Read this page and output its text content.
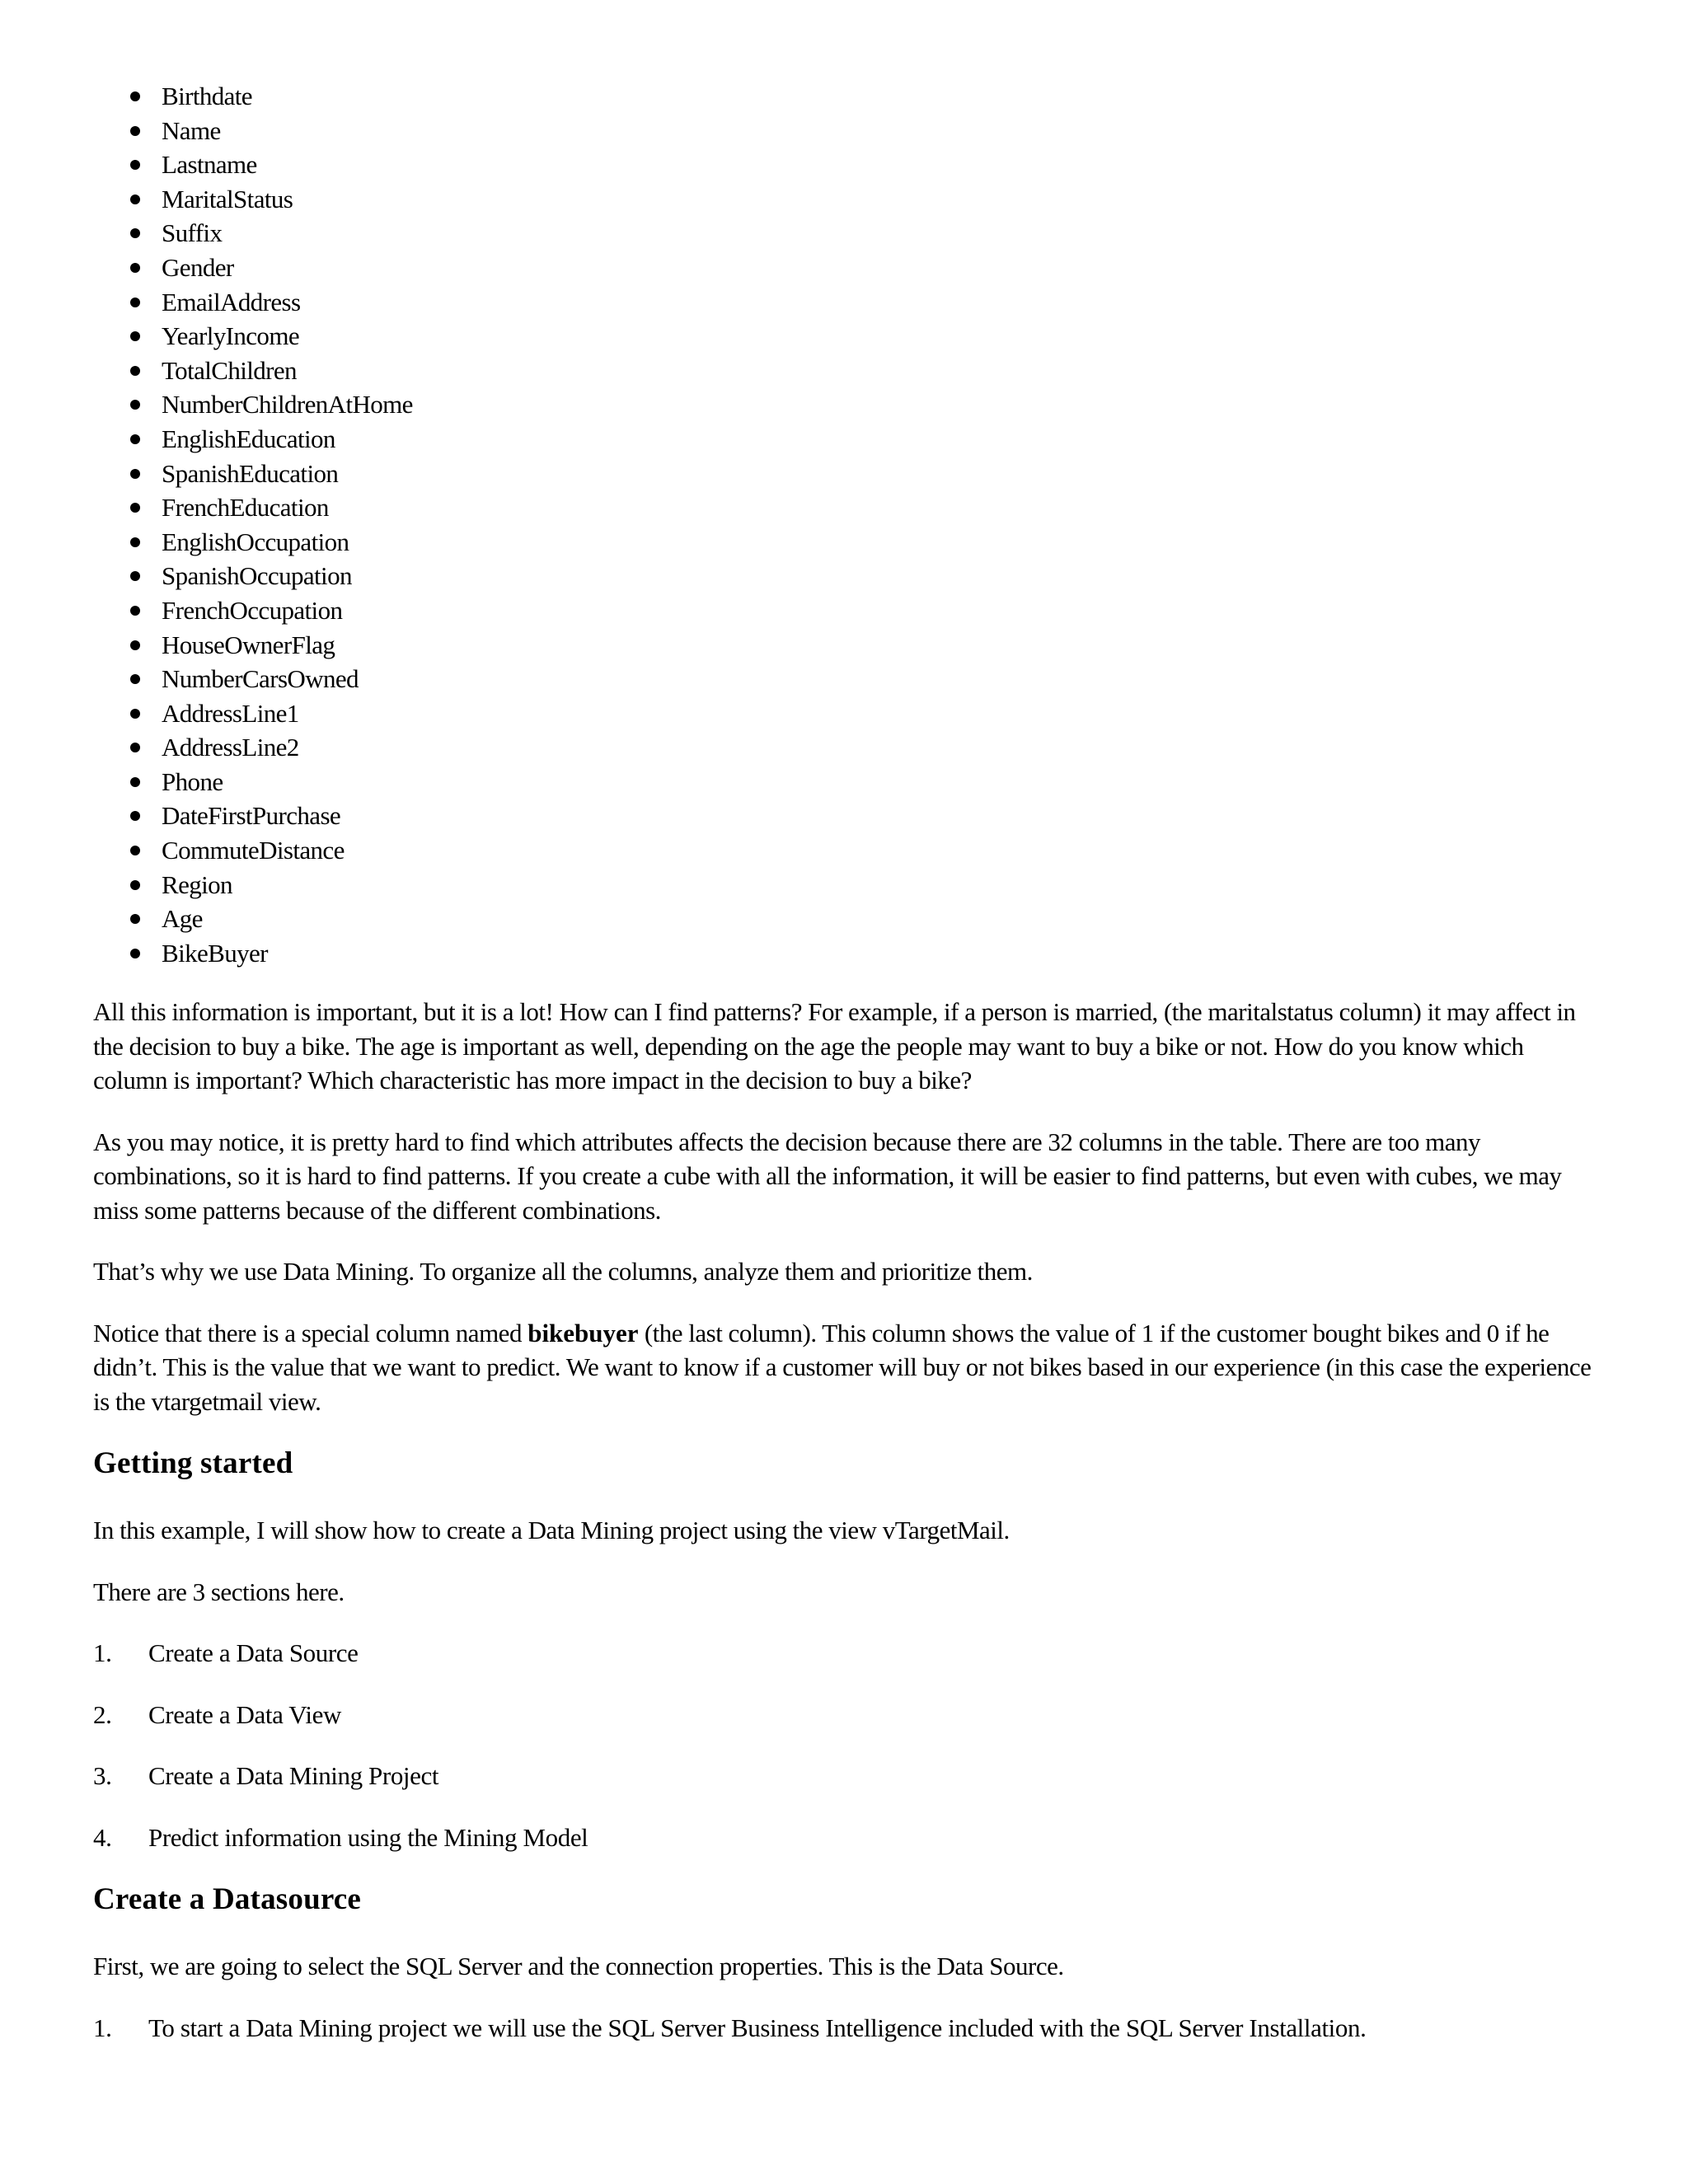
Birthdate
Name
Lastname
MaritalStatus
Suffix
Gender
EmailAddress
YearlyIncome
TotalChildren
NumberChildrenAtHome
EnglishEducation
SpanishEducation
FrenchEducation
EnglishOccupation
SpanishOccupation
FrenchOccupation
HouseOwnerFlag
NumberCarsOwned
AddressLine1
AddressLine2
Phone
DateFirstPurchase
CommuteDistance
Region
Age
BikeBuyer

All this information is important, but it is a lot! How can I find patterns? For example, if a person is married, (the maritalstatus column) it may affect in the decision to buy a bike. The age is important as well, depending on the age the people may want to buy a bike or not. How do you know which column is important? Which characteristic has more impact in the decision to buy a bike?

As you may notice, it is pretty hard to find which attributes affects the decision because there are 32 columns in the table. There are too many combinations, so it is hard to find patterns. If you create a cube with all the information, it will be easier to find patterns, but even with cubes, we may miss some patterns because of the different combinations.

That’s why we use Data Mining. To organize all the columns, analyze them and prioritize them.

Notice that there is a special column named bikebuyer (the last column). This column shows the value of 1 if the customer bought bikes and 0 if he didn’t. This is the value that we want to predict. We want to know if a customer will buy or not bikes based in our experience (in this case the experience is the vtargetmail view.

Getting started

In this example, I will show how to create a Data Mining project using the view vTargetMail.

There are 3 sections here.

1. Create a Data Source
2. Create a Data View
3. Create a Data Mining Project
4. Predict information using the Mining Model
Create a Datasource

First, we are going to select the SQL Server and the connection properties. This is the Data Source.

1. To start a Data Mining project we will use the SQL Server Business Intelligence included with the SQL Server Installation.
